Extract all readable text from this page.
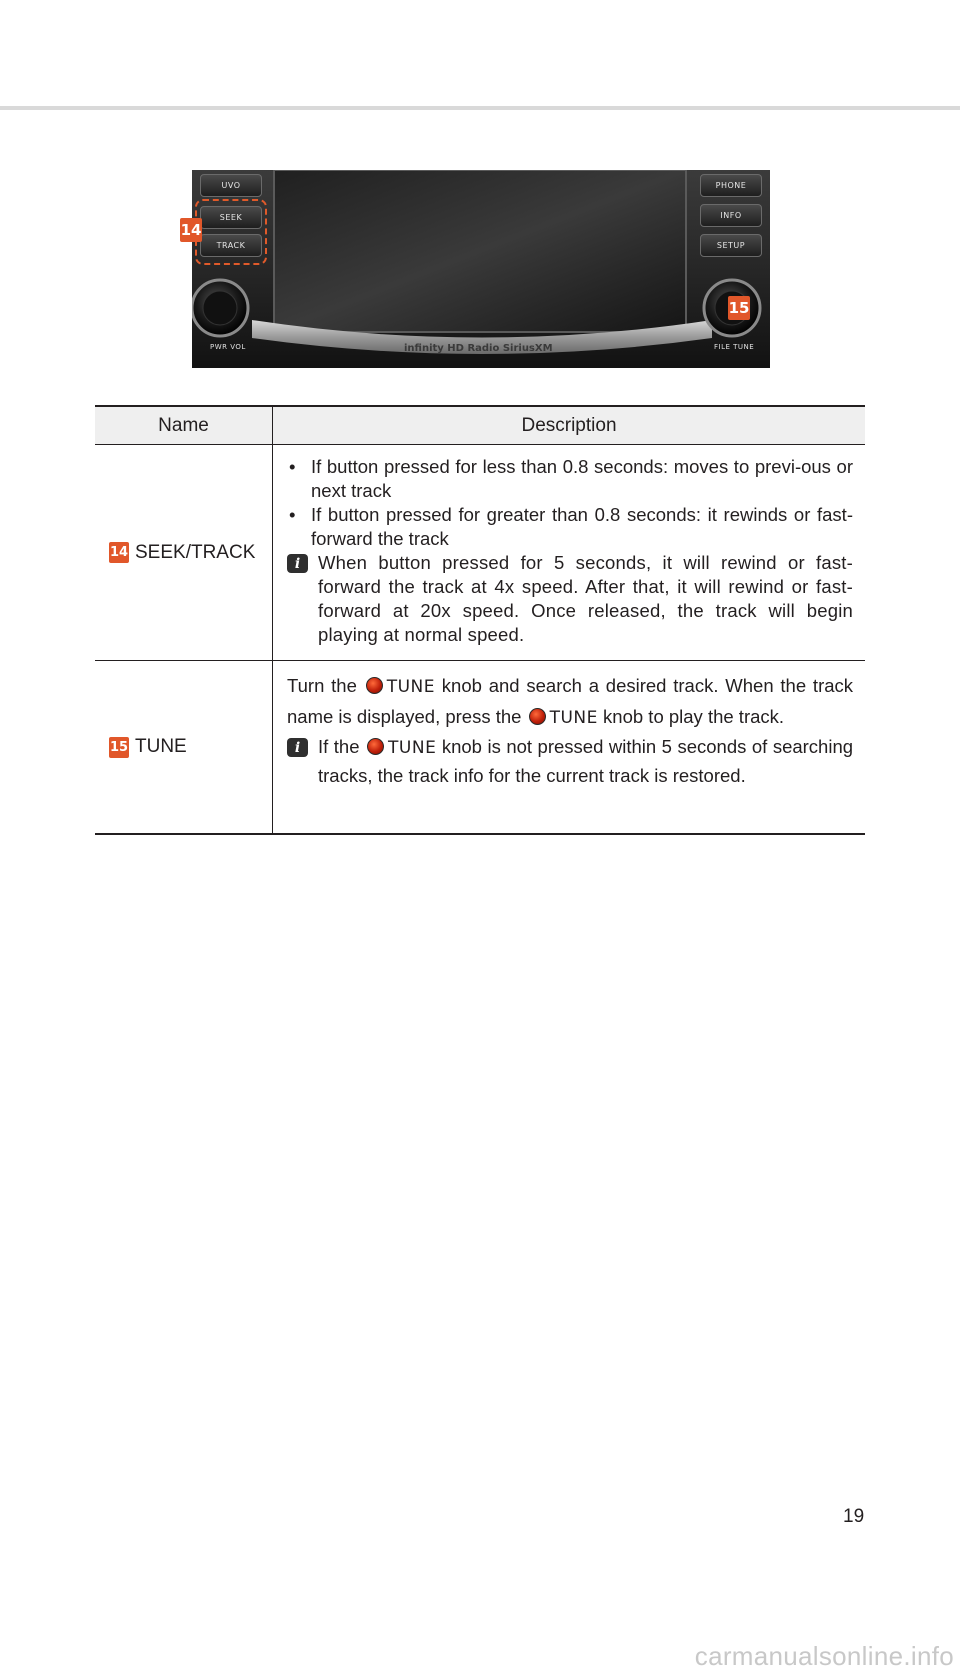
UVO
SEEK
TRACK
PHONE
INFO
SETUP
PWR VOL	FILE TUNE
infinity HD Radio SiriusXM
14
15
Name	Description
14 SEEK/TRACK
• If button pressed for less than 0.8 seconds: moves to previ-ous or next track
• If button pressed for greater than 0.8 seconds: it rewinds or fast-forward the track
i When button pressed for 5 seconds, it will rewind or fast-forward the track at 4x speed. After that, it will rewind or fast-forward at 20x speed. Once released, the track will begin playing at normal speed.
15 TUNE
Turn the TUNE knob and search a desired track. When the track name is displayed, press the TUNE knob to play the track.
i If the TUNE knob is not pressed within 5 seconds of searching tracks, the track info for the current track is restored.
19
carmanualsonline.info
